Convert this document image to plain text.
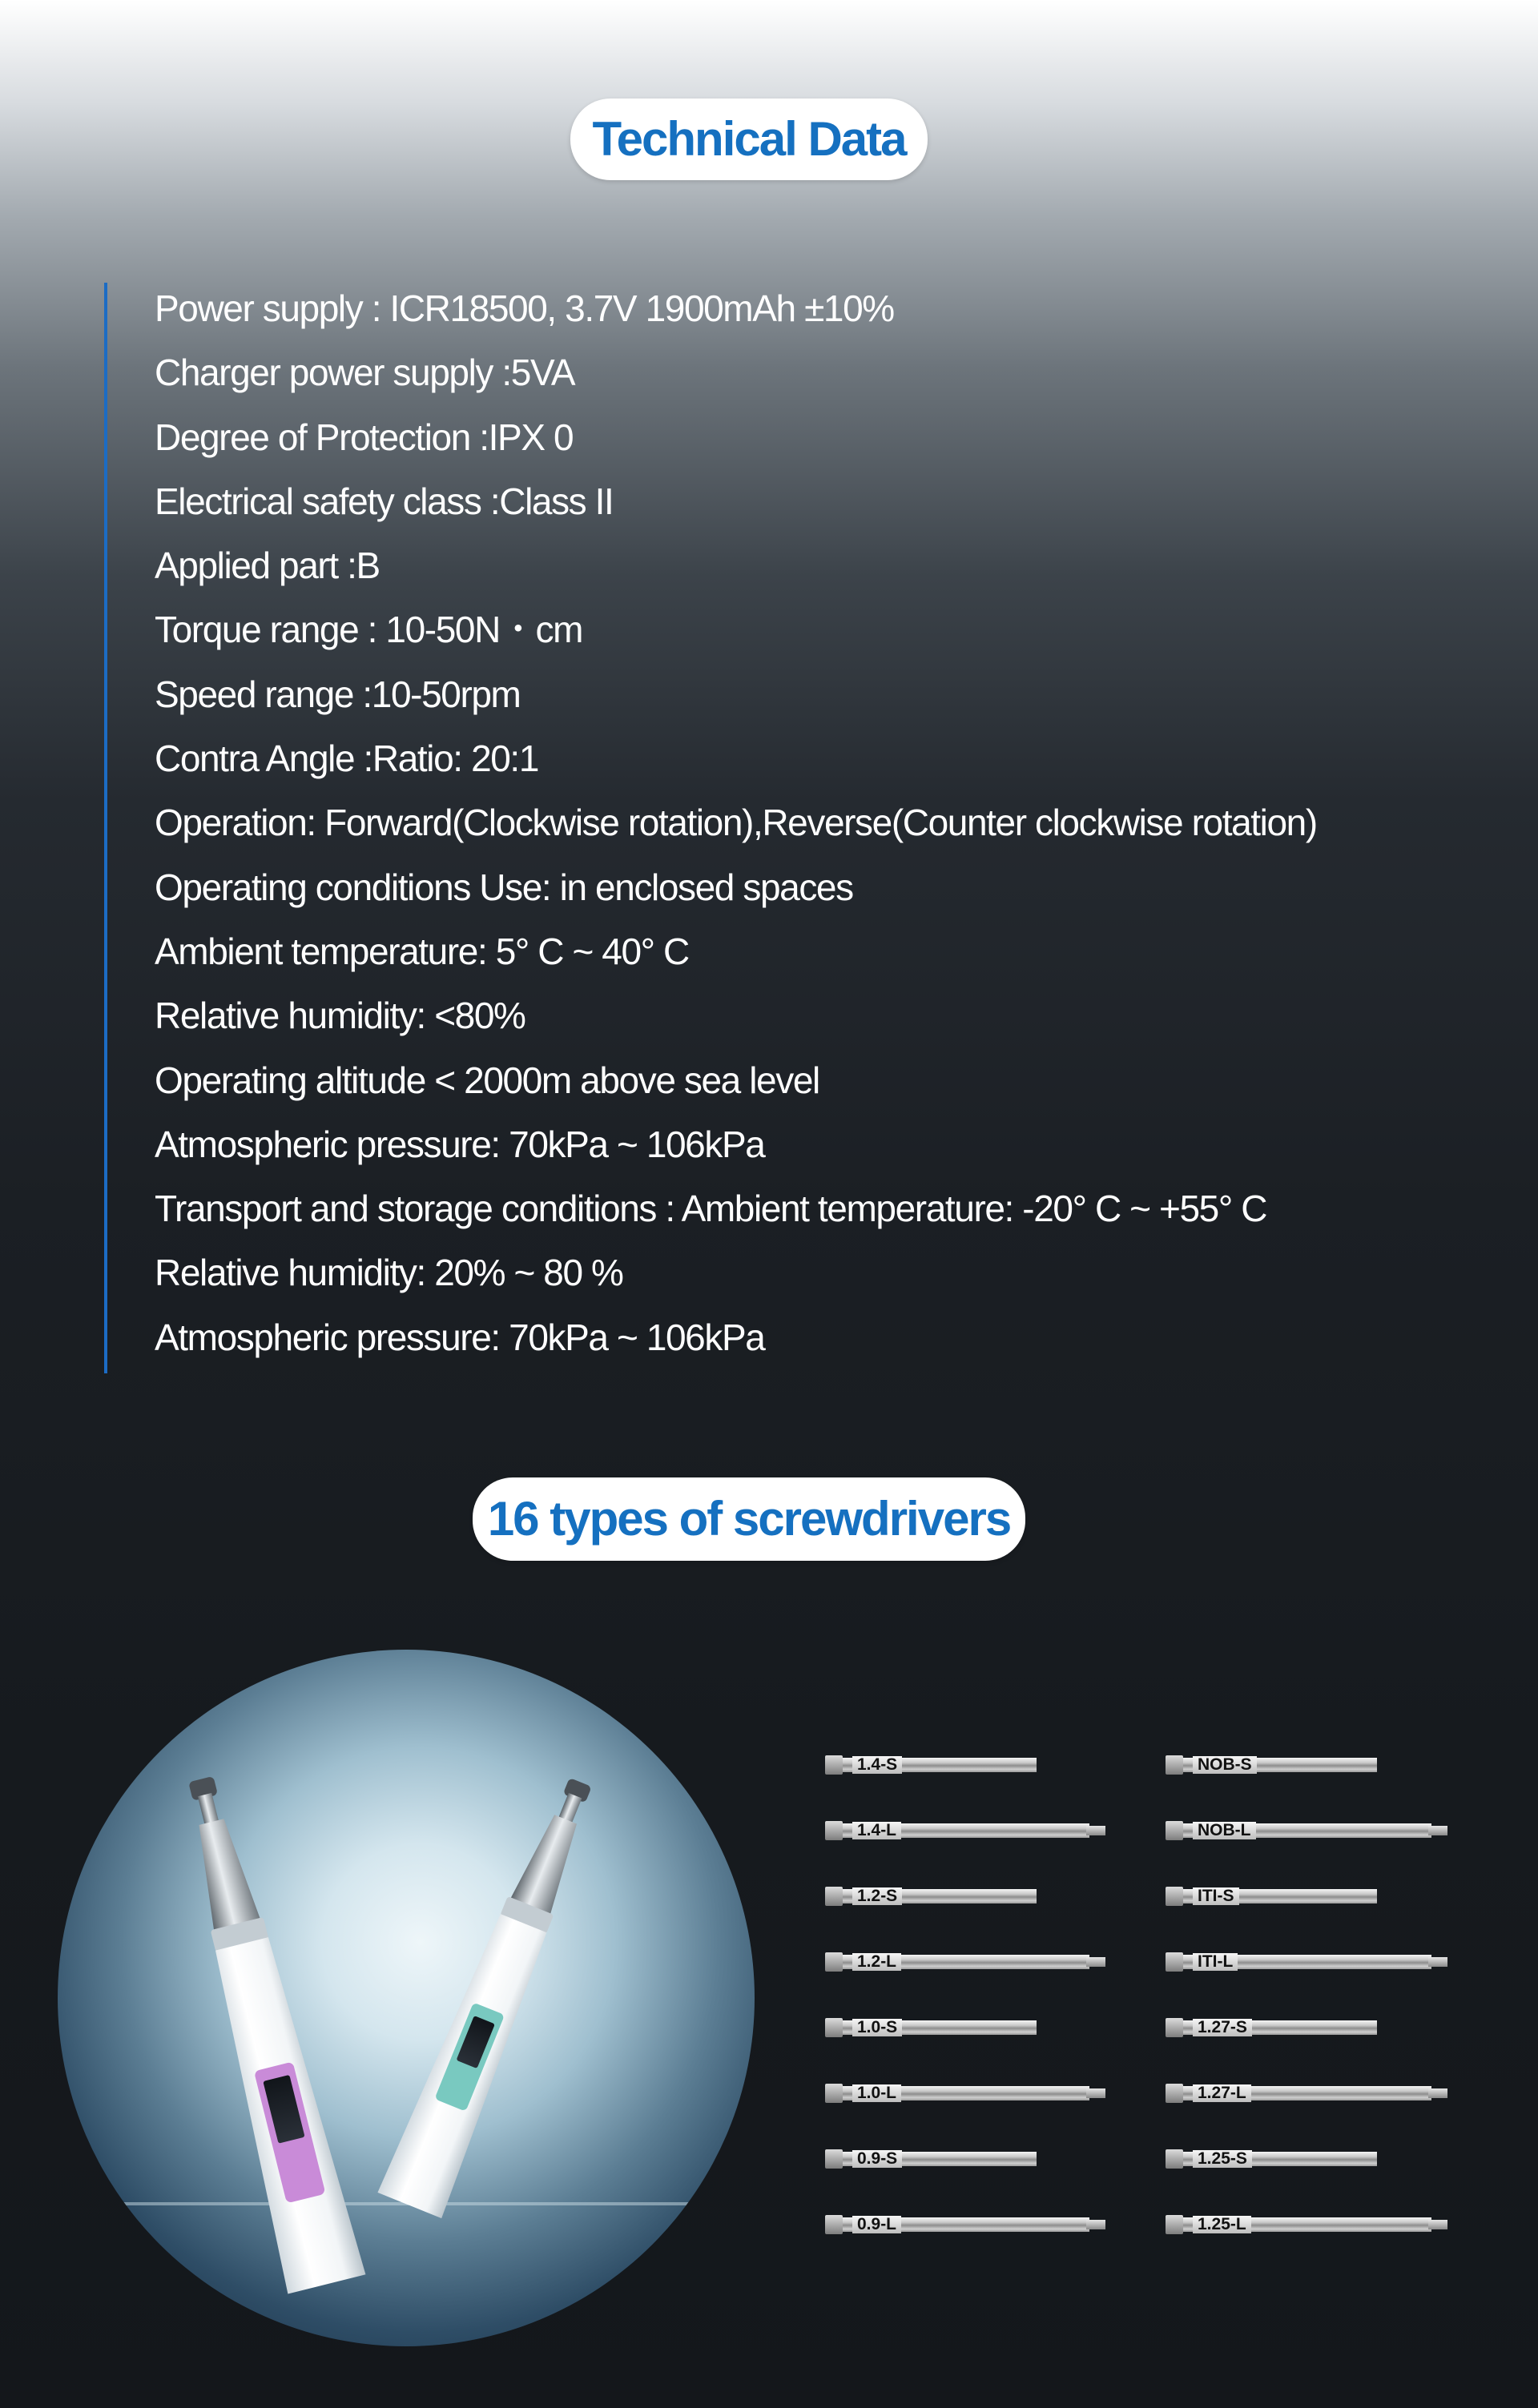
Technical Data
Power supply : ICR18500, 3.7V 1900mAh ±10%
Charger power supply :5VA
Degree of Protection :IPX 0
Electrical safety class :Class II
Applied part :B
Torque range : 10-50N・cm
Speed range :10-50rpm
Contra Angle :Ratio: 20:1
Operation: Forward(Clockwise rotation),Reverse(Counter clockwise rotation)
Operating conditions Use: in enclosed spaces
Ambient temperature: 5° C ~ 40° C
Relative humidity: <80%
Operating altitude < 2000m above sea level
Atmospheric pressure: 70kPa ~ 106kPa
Transport and storage conditions : Ambient temperature: -20° C ~ +55° C
Relative humidity: 20% ~ 80 %
Atmospheric pressure: 70kPa ~ 106kPa
16 types of screwdrivers
1.4-S
1.4-L
1.2-S
1.2-L
1.0-S
1.0-L
0.9-S
0.9-L
NOB-S
NOB-L
ITI-S
ITI-L
1.27-S
1.27-L
1.25-S
1.25-L
